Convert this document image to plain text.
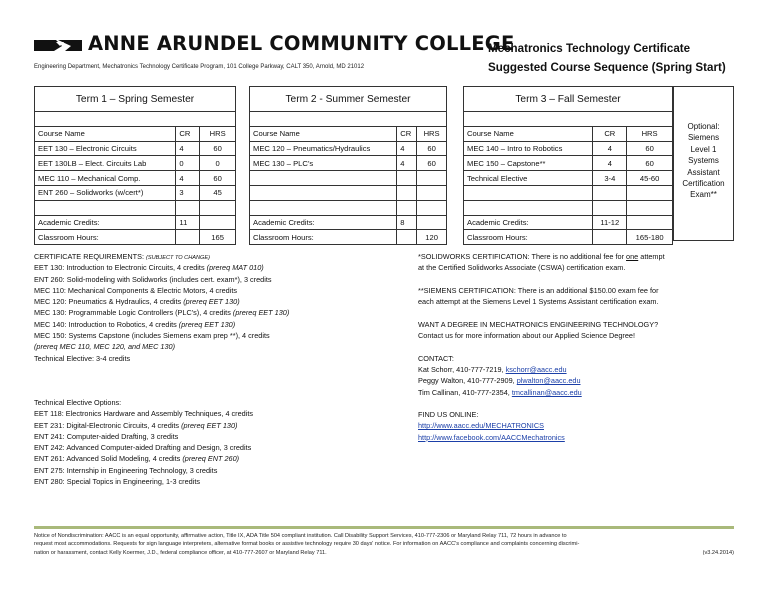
ANNE ARUNDEL COMMUNITY COLLEGE
Engineering Department, Mechatronics Technology Certificate Program, 101 College Parkway, CALT 350, Arnold, MD 21012
Mechatronics Technology Certificate
Suggested Course Sequence (Spring Start)
Term 1 – Spring Semester		

Course Name	CR	HRS
EET 130 – Electronic Circuits	4	60
EET 130LB – Elect. Circuits Lab	0	0
MEC 110 – Mechanical Comp.	4	60
ENT 260 – Solidworks (w/cert*)	3	45

Academic Credits:	11	
Classroom Hours:		165
Term 2 - Summer Semester		

Course Name	CR	HRS
MEC 120 – Pneumatics/Hydraulics	4	60
MEC 130 – PLC’s	4	60

Academic Credits:	8	
Classroom Hours:		120
Term 3 – Fall Semester		

Course Name	CR	HRS
MEC 140 – Intro to Robotics	4	60
MEC 150 – Capstone**	4	60
Technical Elective	3-4	45-60

Academic Credits:	11-12	
Classroom Hours:		165-180
Optional:
Siemens
Level 1
Systems
Assistant
Certification
Exam**
CERTIFICATE REQUIREMENTS: (SUBJECT TO CHANGE)
EET 130: Introduction to Electronic Circuits, 4 credits (prereq MAT 010)
ENT 260: Solid-modeling with Solidworks (includes cert. exam*), 3 credits
MEC 110: Mechanical Components & Electric Motors, 4 credits
MEC 120: Pneumatics & Hydraulics, 4 credits (prereq EET 130)
MEC 130: Programmable Logic Controllers (PLC's), 4 credits (prereq EET 130)
MEC 140: Introduction to Robotics, 4 credits (prereq EET 130)
MEC 150: Systems Capstone (includes Siemens exam prep **), 4 credits
(prereq MEC 110, MEC 120, and MEC 130)
Technical Elective: 3-4 credits
Technical Elective Options:
EET 118: Electronics Hardware and Assembly Techniques, 4 credits
EET 231: Digital-Electronic Circuits, 4 credits (prereq EET 130)
ENT 241: Computer-aided Drafting, 3 credits
ENT 242: Advanced Computer-aided Drafting and Design, 3 credits
ENT 261: Advanced Solid Modeling, 4 credits (prereq ENT 260)
ENT 275: Internship in Engineering Technology, 3 credits
ENT 280: Special Topics in Engineering, 1-3 credits
*SOLIDWORKS CERTIFICATION: There is no additional fee for one attempt
at the Certified Solidworks Associate (CSWA) certification exam.
**SIEMENS CERTIFICATION: There is an additional $150.00 exam fee for
each attempt at the Siemens Level 1 Systems Assistant certification exam.
WANT A DEGREE IN MECHATRONICS ENGINEERING TECHNOLOGY?
Contact us for more information about our Applied Science Degree!
CONTACT:
Kat Schorr, 410-777-7219, kschorr@aacc.edu
Peggy Walton, 410-777-2909, plwalton@aacc.edu
Tim Callinan, 410-777-2354, tmcallinan@aacc.edu
FIND US ONLINE:
http://www.aacc.edu/MECHATRONICS
http://www.facebook.com/AACCMechatronics
Notice of Nondiscrimination: AACC is an equal opportunity, affirmative action, Title IX, ADA Title 504 compliant institution. Call Disability Support Services, 410-777-2306 or Maryland Relay 711, 72 hours in advance to
request most accommodations. Requests for sign language interpreters, alternative format books or assistive technology require 30 days' notice. For information on AACC's compliance and complaints concerning discrimi-
nation or harassment, contact Kelly Koermer, J.D., federal compliance officer, at 410-777-2607 or Maryland Relay 711.	(v3.24.2014)
